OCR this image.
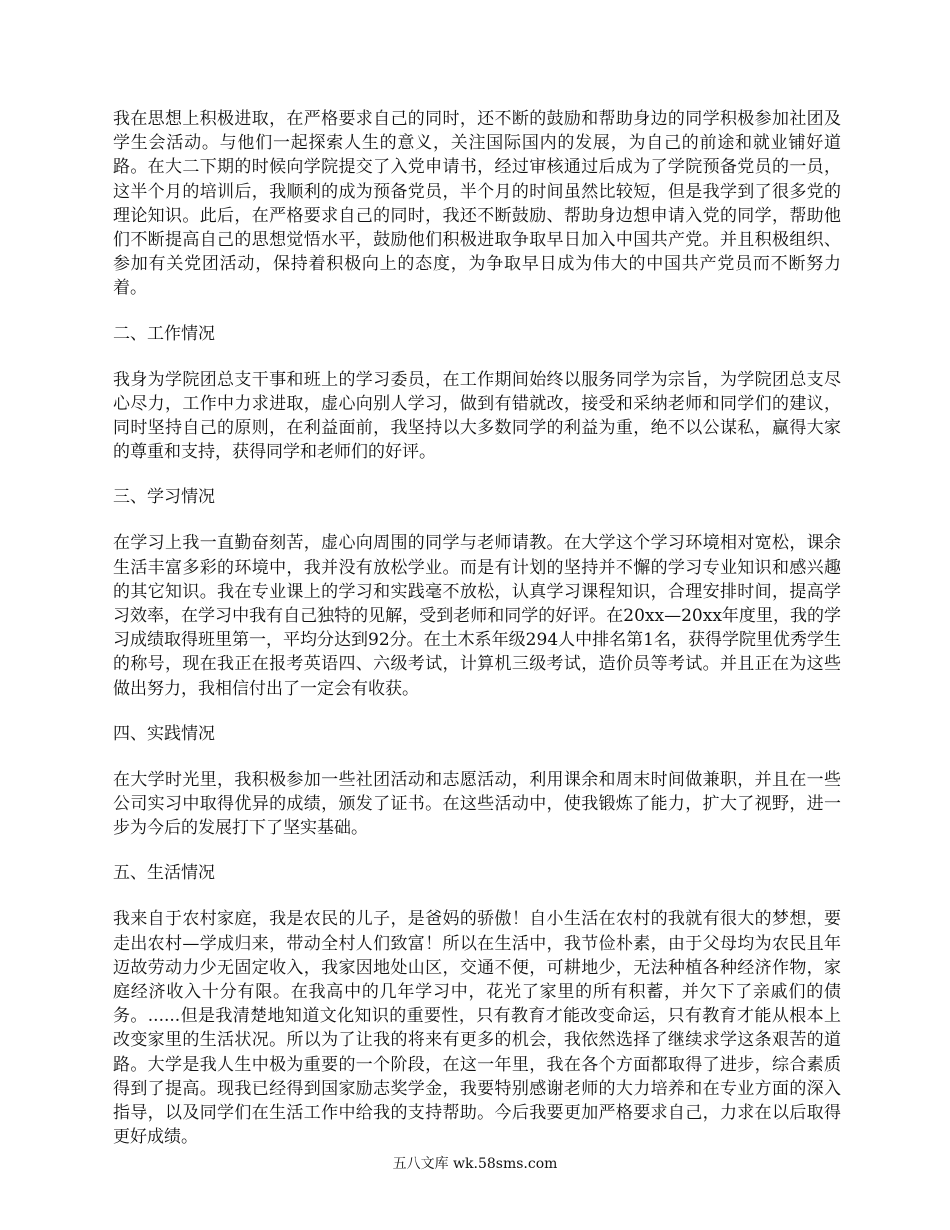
我在思想上积极进取，在严格要求自己的同时，还不断的鼓励和帮助身边的同学积极参加社团及学生会活动。与他们一起探索人生的意义，关注国际国内的发展，为自己的前途和就业铺好道路。在大二下期的时候向学院提交了入党申请书，经过审核通过后成为了学院预备党员的一员，这半个月的培训后，我顺利的成为预备党员，半个月的时间虽然比较短，但是我学到了很多党的理论知识。此后，在严格要求自己的同时，我还不断鼓励、帮助身边想申请入党的同学，帮助他们不断提高自己的思想觉悟水平，鼓励他们积极进取争取早日加入中国共产党。并且积极组织、参加有关党团活动，保持着积极向上的态度，为争取早日成为伟大的中国共产党员而不断努力着。

二、工作情况

我身为学院团总支干事和班上的学习委员，在工作期间始终以服务同学为宗旨，为学院团总支尽心尽力，工作中力求进取，虚心向别人学习，做到有错就改，接受和采纳老师和同学们的建议，同时坚持自己的原则，在利益面前，我坚持以大多数同学的利益为重，绝不以公谋私，赢得大家的尊重和支持，获得同学和老师们的好评。

三、学习情况

在学习上我一直勤奋刻苦，虚心向周围的同学与老师请教。在大学这个学习环境相对宽松，课余生活丰富多彩的环境中，我并没有放松学业。而是有计划的坚持并不懈的学习专业知识和感兴趣的其它知识。我在专业课上的学习和实践毫不放松，认真学习课程知识，合理安排时间，提高学习效率，在学习中我有自己独特的见解，受到老师和同学的好评。在20xx—20xx年度里，我的学习成绩取得班里第一，平均分达到92分。在土木系年级294人中排名第1名，获得学院里优秀学生的称号，现在我正在报考英语四、六级考试，计算机三级考试，造价员等考试。并且正在为这些做出努力，我相信付出了一定会有收获。

四、实践情况

在大学时光里，我积极参加一些社团活动和志愿活动，利用课余和周末时间做兼职，并且在一些公司实习中取得优异的成绩，颁发了证书。在这些活动中，使我锻炼了能力，扩大了视野，进一步为今后的发展打下了坚实基础。

五、生活情况

我来自于农村家庭，我是农民的儿子，是爸妈的骄傲！自小生活在农村的我就有很大的梦想，要走出农村—学成归来，带动全村人们致富！所以在生活中，我节俭朴素，由于父母均为农民且年迈故劳动力少无固定收入，我家因地处山区，交通不便，可耕地少，无法种植各种经济作物，家庭经济收入十分有限。在我高中的几年学习中，花光了家里的所有积蓄，并欠下了亲戚们的债务。......但是我清楚地知道文化知识的重要性，只有教育才能改变命运，只有教育才能从根本上改变家里的生活状况。所以为了让我的将来有更多的机会，我依然选择了继续求学这条艰苦的道路。大学是我人生中极为重要的一个阶段，在这一年里，我在各个方面都取得了进步，综合素质得到了提高。现我已经得到国家励志奖学金，我要特别感谢老师的大力培养和在专业方面的深入指导，以及同学们在生活工作中给我的支持帮助。今后我要更加严格要求自己，力求在以后取得更好成绩。

五八文库 wk.58sms.com
